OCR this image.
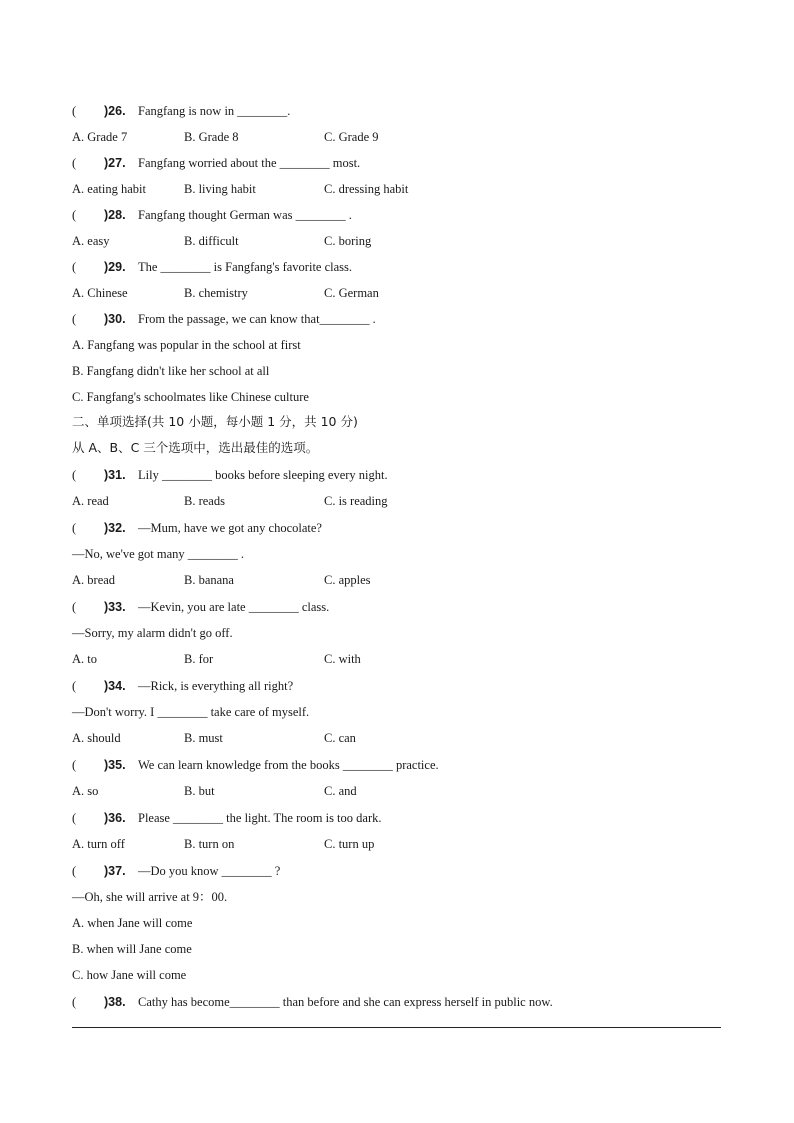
( )26. Fangfang is now in ________.
A. Grade 7	B. Grade 8	C. Grade 9
( )27. Fangfang worried about the ________ most.
A. eating habit	B. living habit	C. dressing habit
( )28. Fangfang thought German was ________ .
A. easy	B. difficult	C. boring
( )29. The ________ is Fangfang's favorite class.
A. Chinese	B. chemistry	C. German
( )30. From the passage, we can know that________ .
A. Fangfang was popular in the school at first
B. Fangfang didn't like her school at all
C. Fangfang's schoolmates like Chinese culture
二、单项选择(共 10 小题，每小题 1 分，共 10 分)
从 A、B、C 三个选项中，选出最佳的选项。
( )31. Lily ________ books before sleeping every night.
A. read	B. reads	C. is reading
( )32. —Mum, have we got any chocolate?
—No, we've got many ________ .
A. bread	B. banana	C. apples
( )33. —Kevin, you are late ________ class.
—Sorry, my alarm didn't go off.
A. to	B. for	C. with
( )34. —Rick, is everything all right?
—Don't worry. I ________ take care of myself.
A. should	B. must	C. can
( )35. We can learn knowledge from the books ________ practice.
A. so	B. but	C. and
( )36. Please ________ the light. The room is too dark.
A. turn off	B. turn on	C. turn up
( )37. —Do you know ________ ?
—Oh, she will arrive at 9：00.
A. when Jane will come
B. when will Jane come
C. how Jane will come
( )38. Cathy has become________ than before and she can express herself in public now.
